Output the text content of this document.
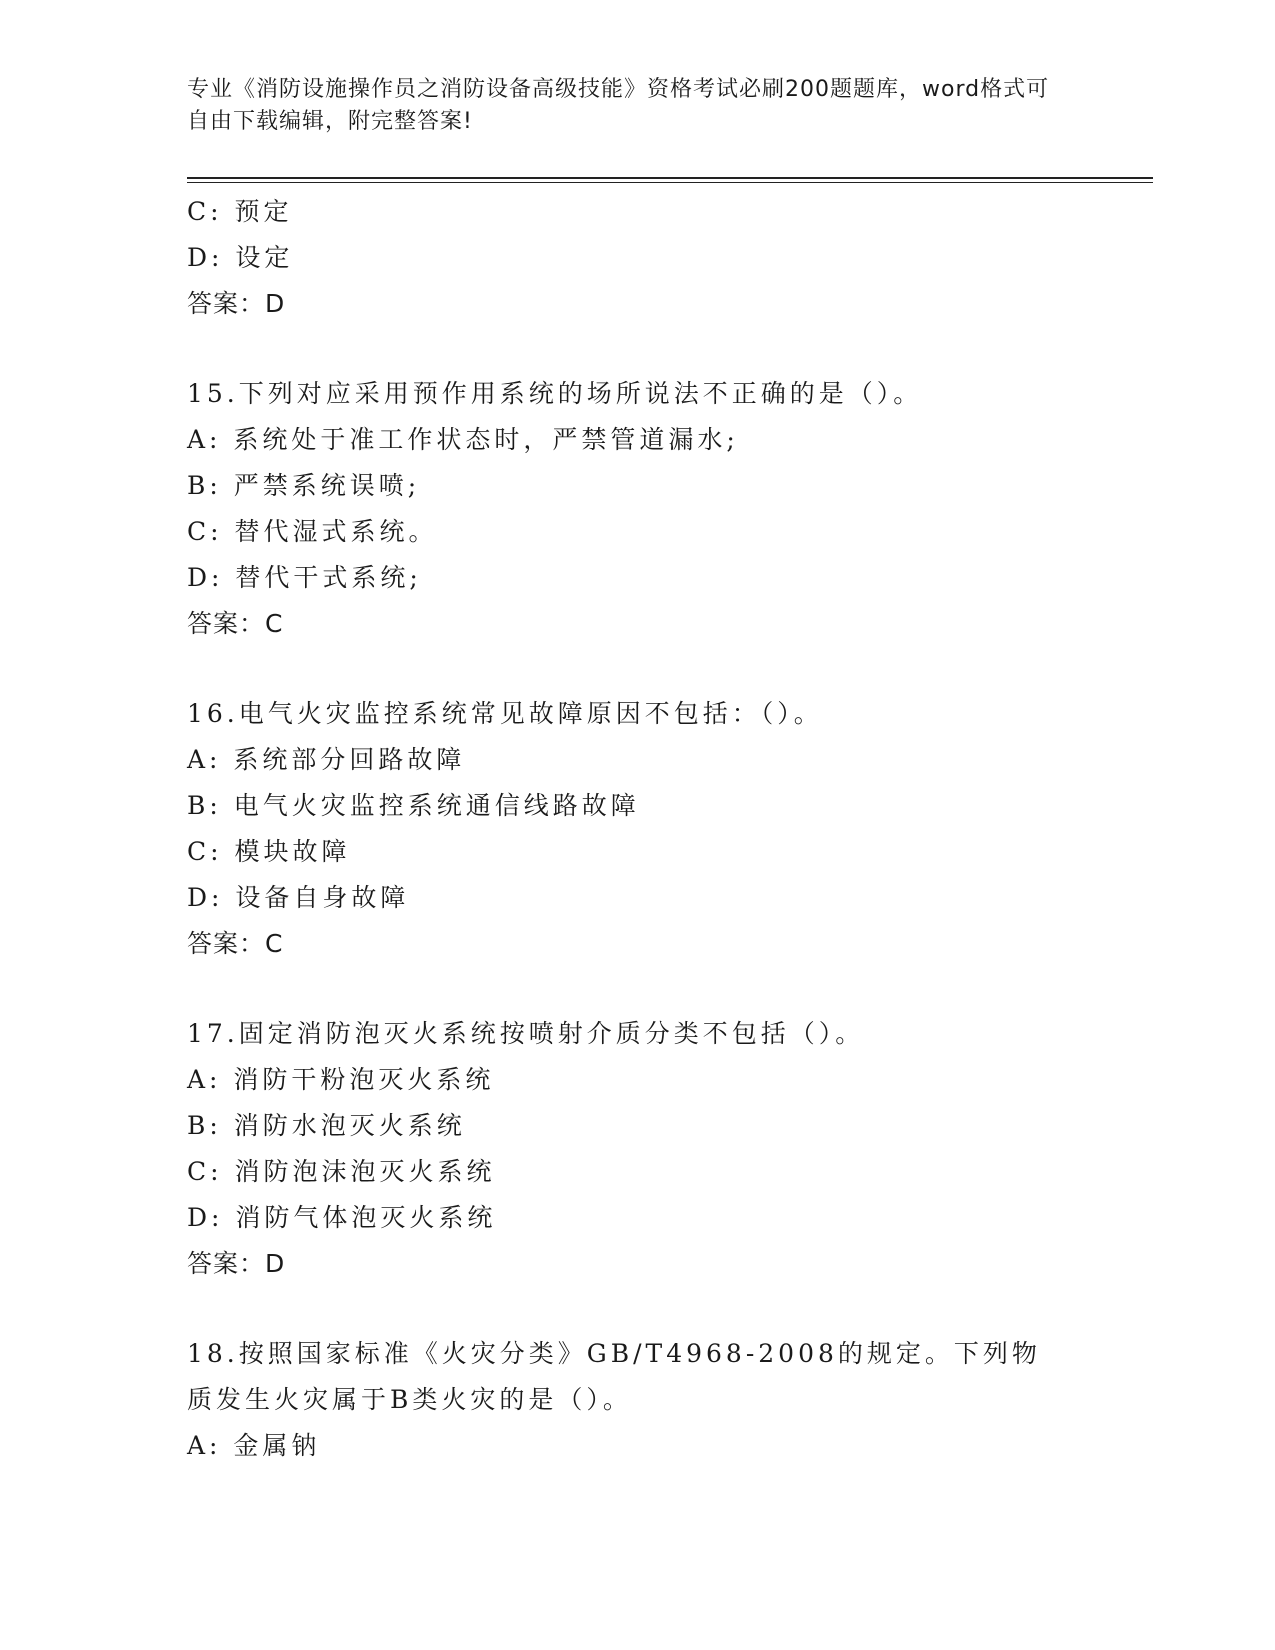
专业《消防设施操作员之消防设备高级技能》资格考试必刷200题题库，word格式可自由下载编辑，附完整答案!
C: 预定
D: 设定
答案：D
15.下列对应采用预作用系统的场所说法不正确的是（）。
A: 系统处于准工作状态时，严禁管道漏水;
B: 严禁系统误喷;
C: 替代湿式系统。
D: 替代干式系统;
答案：C
16.电气火灾监控系统常见故障原因不包括：（）。
A: 系统部分回路故障
B: 电气火灾监控系统通信线路故障
C: 模块故障
D: 设备自身故障
答案：C
17.固定消防泡灭火系统按喷射介质分类不包括（）。
A: 消防干粉泡灭火系统
B: 消防水泡灭火系统
C: 消防泡沫泡灭火系统
D: 消防气体泡灭火系统
答案：D
18.按照国家标准《火灾分类》GB/T4968-2008的规定。下列物质发生火灾属于B类火灾的是（）。
A: 金属钠
